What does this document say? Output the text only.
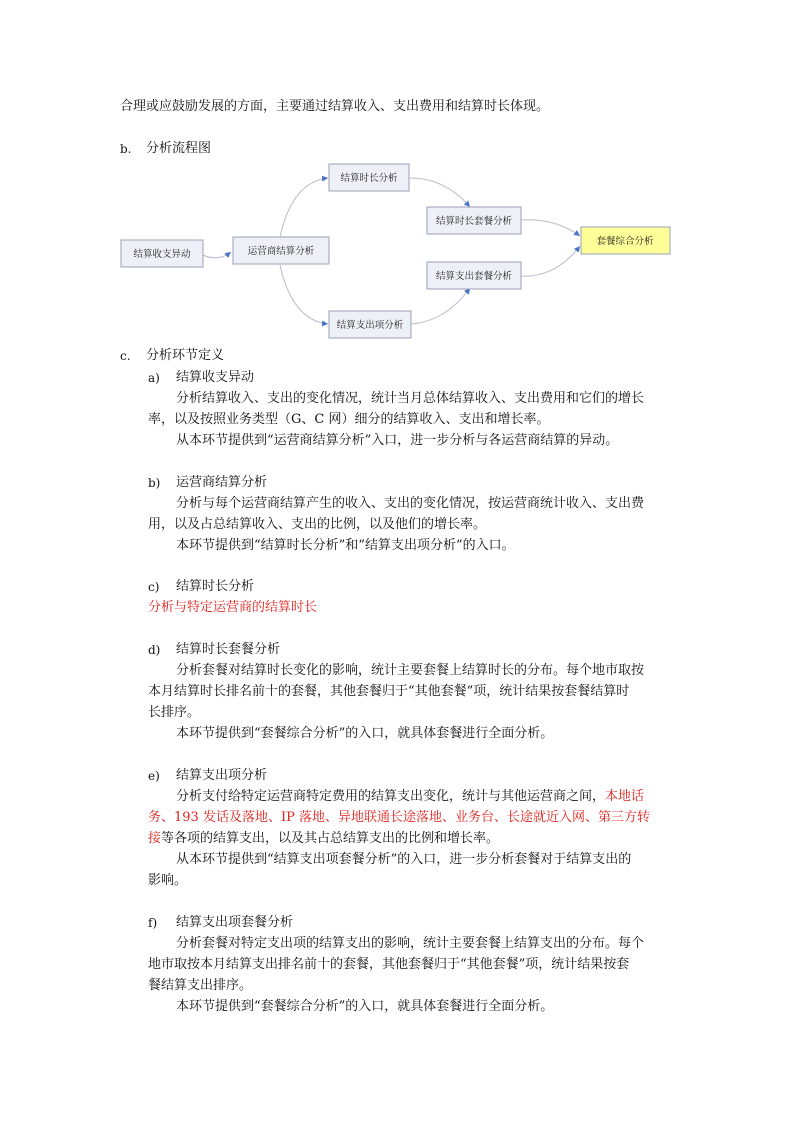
合理或应鼓励发展的方面，主要通过结算收入、支出费用和结算时长体现。
b. 分析流程图
结算收支异动	运营商结算分析
结算时长分析
结算支出项分析
结算时长套餐分析
结算支出套餐分析
套餐综合分析
c. 分析环节定义
a) 结算收支异动
分析结算收入、支出的变化情况，统计当月总体结算收入、支出费用和它们的增长
率，以及按照业务类型（G、C 网）细分的结算收入、支出和增长率。
从本环节提供到“运营商结算分析”入口，进一步分析与各运营商结算的异动。
b) 运营商结算分析
分析与每个运营商结算产生的收入、支出的变化情况，按运营商统计收入、支出费
用，以及占总结算收入、支出的比例，以及他们的增长率。
本环节提供到“结算时长分析”和“结算支出项分析”的入口。
c) 结算时长分析
分析与特定运营商的结算时长
d) 结算时长套餐分析
分析套餐对结算时长变化的影响，统计主要套餐上结算时长的分布。每个地市取按
本月结算时长排名前十的套餐，其他套餐归于“其他套餐”项，统计结果按套餐结算时
长排序。
本环节提供到“套餐综合分析”的入口，就具体套餐进行全面分析。
e) 结算支出项分析
分析支付给特定运营商特定费用的结算支出变化，统计与其他运营商之间，本地话
务、193 发话及落地、IP 落地、异地联通长途落地、业务台、长途就近入网、第三方转
接等各项的结算支出，以及其占总结算支出的比例和增长率。
从本环节提供到“结算支出项套餐分析”的入口，进一步分析套餐对于结算支出的
影响。
f) 结算支出项套餐分析
分析套餐对特定支出项的结算支出的影响，统计主要套餐上结算支出的分布。每个
地市取按本月结算支出排名前十的套餐，其他套餐归于“其他套餐”项，统计结果按套
餐结算支出排序。
本环节提供到“套餐综合分析”的入口，就具体套餐进行全面分析。
